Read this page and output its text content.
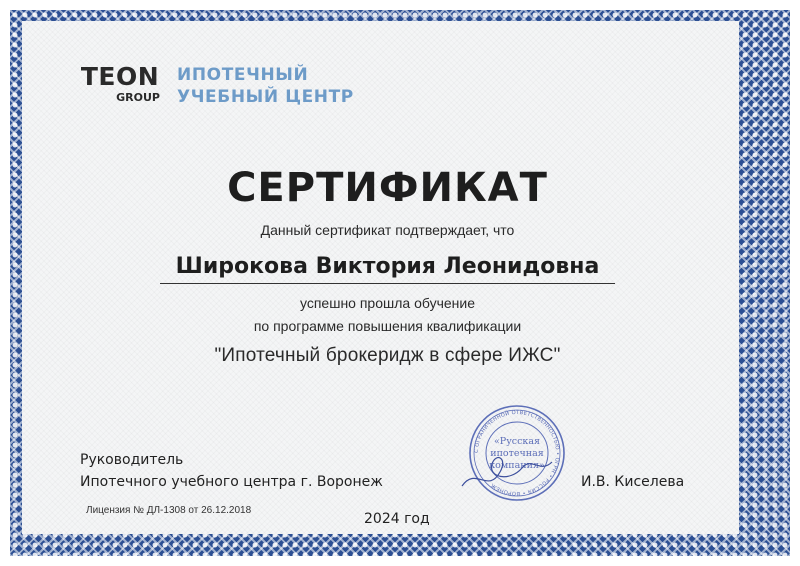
TEON
GROUP
ИПОТЕЧНЫЙ
УЧЕБНЫЙ ЦЕНТР
СЕРТИФИКАТ
Данный сертификат подтверждает, что
Широкова Виктория Леонидовна
успешно прошла обучение
по программе повышения квалификации
"Ипотечный брокеридж в сфере ИЖС"
Руководитель
Ипотечного учебного центра г. Воронеж	И.В. Киселева
Лицензия № ДЛ-1308 от 26.12.2018
2024 год
С ОГРАНИЧЕННОЙ ОТВЕТСТВЕННОСТЬЮ • ОГРН • РОССИЯ • ВОРОНЕЖ
«Русская
ипотечная
компания»
